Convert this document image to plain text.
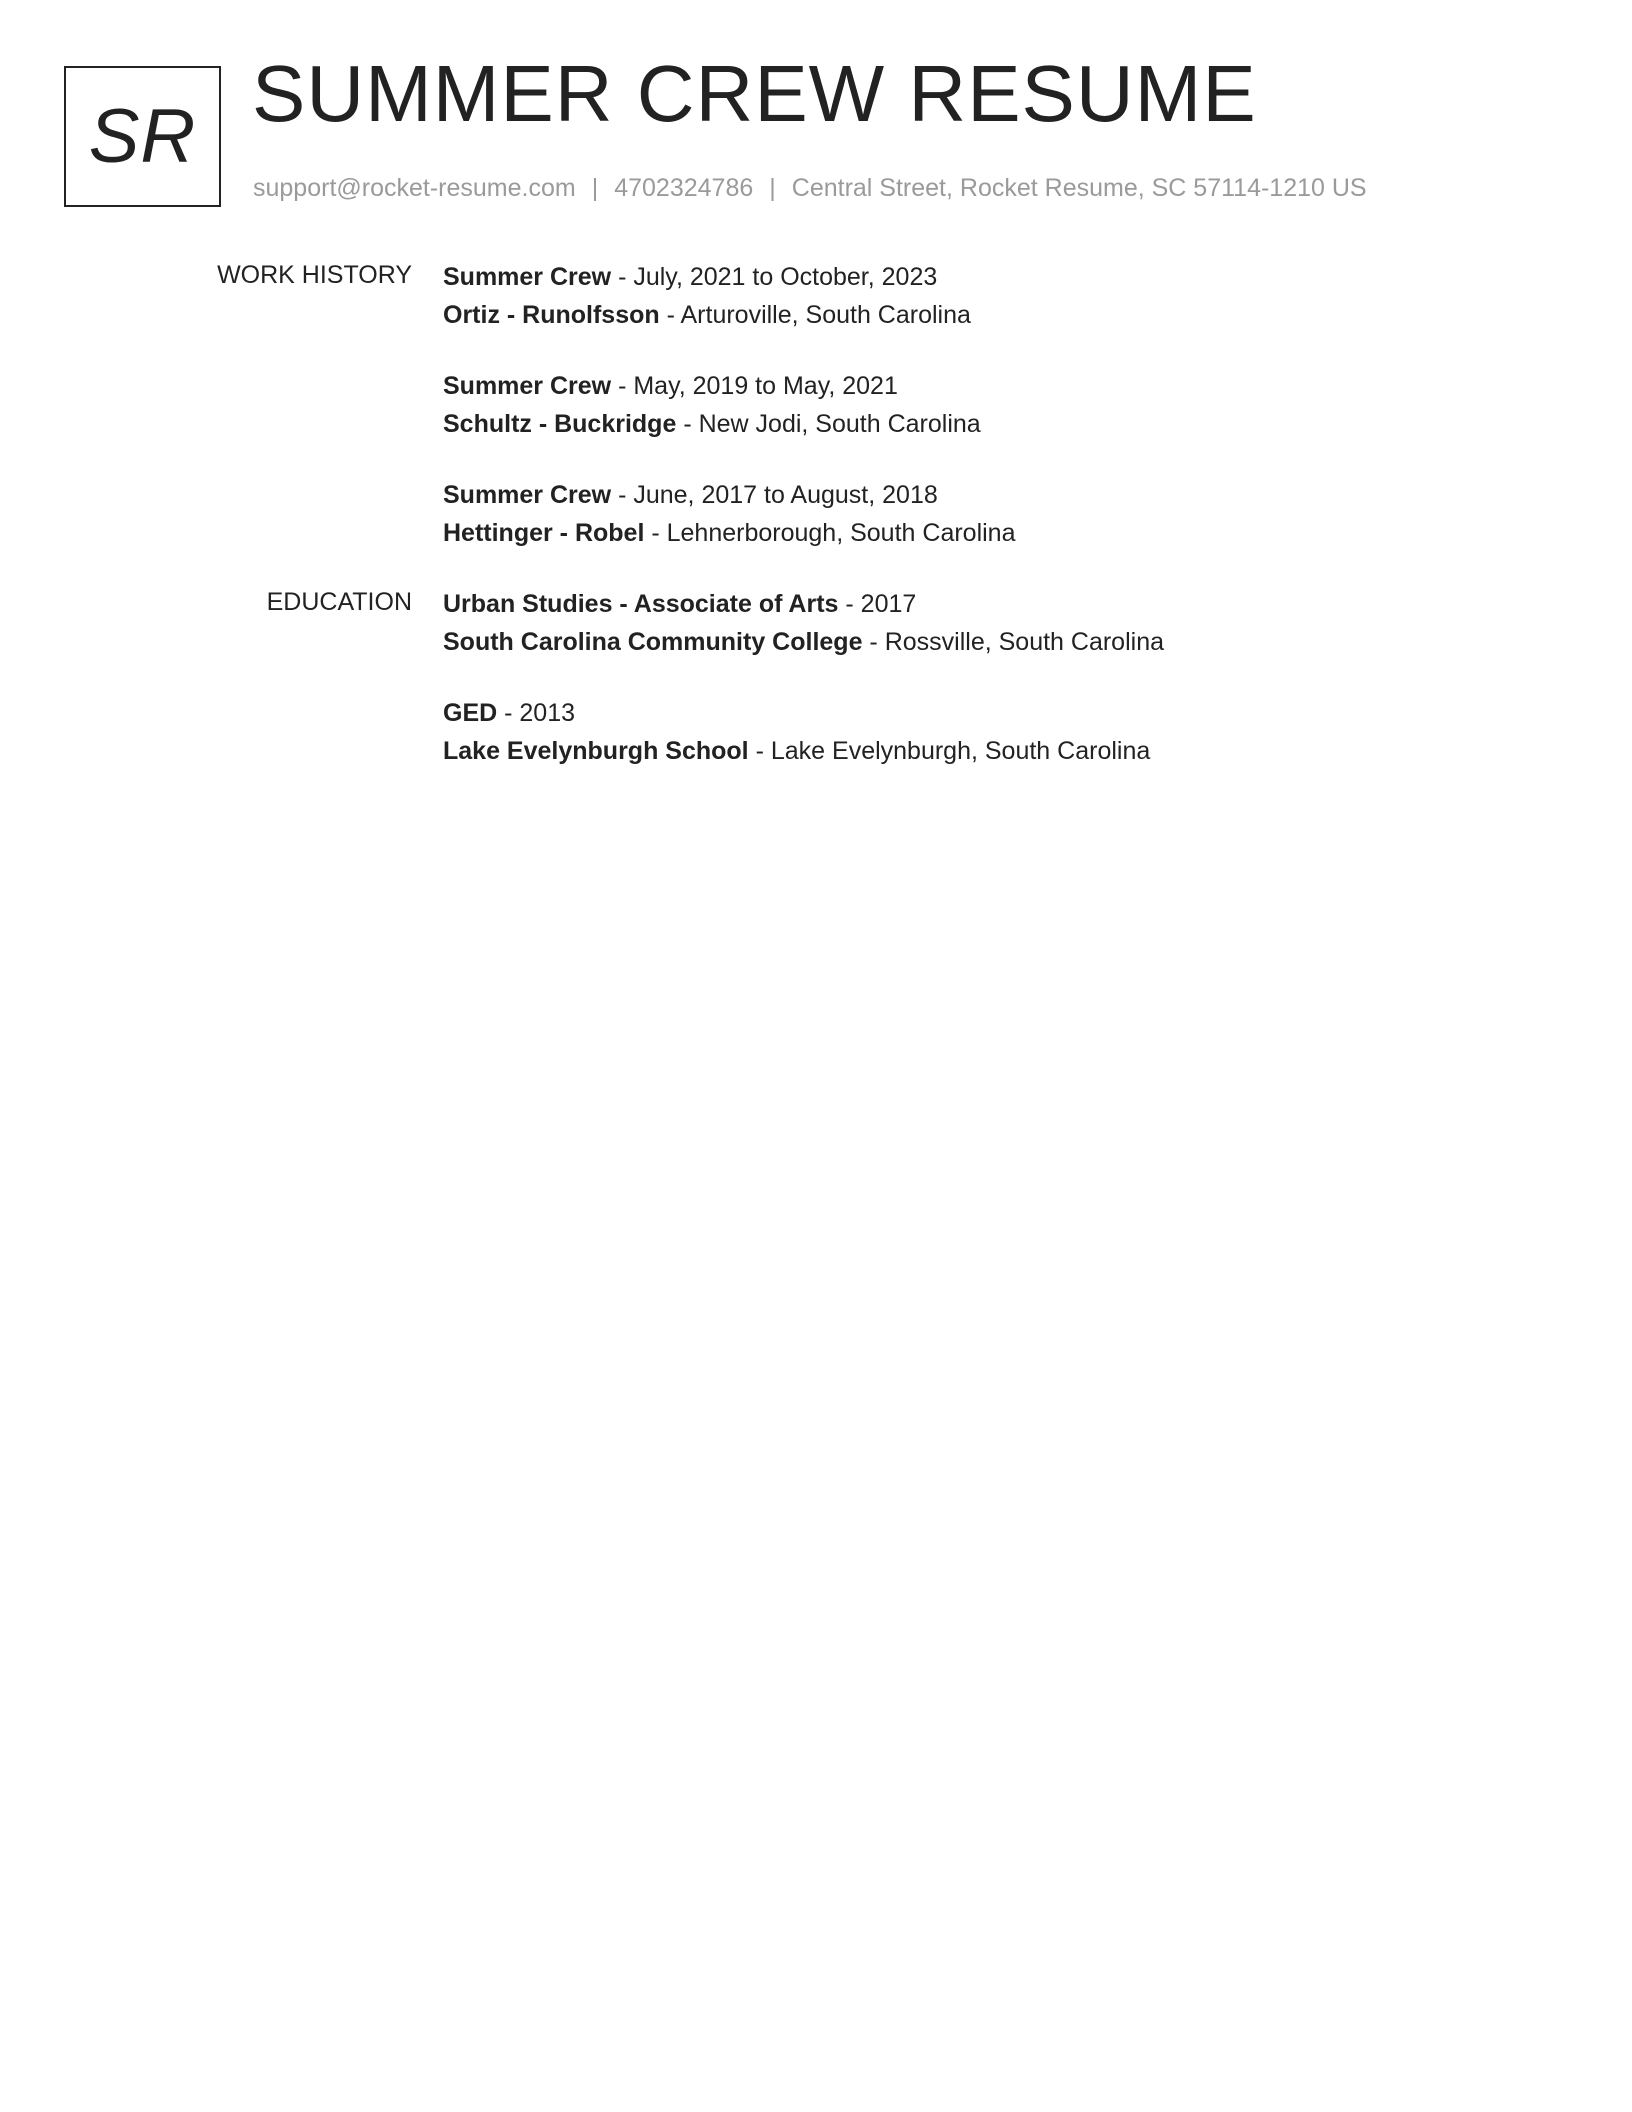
SR SUMMER CREW RESUME
support@rocket-resume.com | 4702324786 | Central Street, Rocket Resume, SC 57114-1210 US
WORK HISTORY Summer Crew - July, 2021 to October, 2023
Ortiz - Runolfsson - Arturoville, South Carolina
Summer Crew - May, 2019 to May, 2021
Schultz - Buckridge - New Jodi, South Carolina
Summer Crew - June, 2017 to August, 2018
Hettinger - Robel - Lehnerborough, South Carolina
EDUCATION Urban Studies - Associate of Arts - 2017
South Carolina Community College - Rossville, South Carolina
GED - 2013
Lake Evelynburgh School - Lake Evelynburgh, South Carolina
